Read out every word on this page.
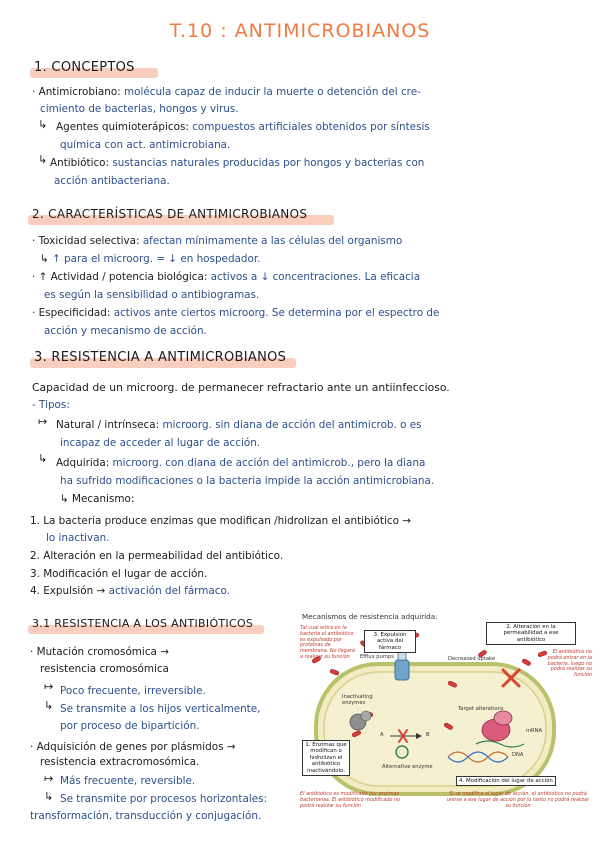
T.10 : ANTIMICROBIANOS
1. CONCEPTOS
· Antimicrobiano: molécula capaz de inducir la muerte o detención del cre-
cimiento de bacterias, hongos y virus.
↳ Agentes quimioterápicos: compuestos artificiales obtenidos por síntesis
química con act. antimicrobiana.
↳ Antibiótico: sustancias naturales producidas por hongos y bacterias con
acción antibacteriana.
2. CARACTERÍSTICAS DE ANTIMICROBIANOS
· Toxicidad selectiva: afectan mínimamente a las células del organismo
↳ ↑ para el microorg. = ↓ en hospedador.
· ↑ Actividad / potencia biológica: activos a ↓ concentraciones. La eficacia
es según la sensibilidad o antibiogramas.
· Especificidad: activos ante ciertos microorg. Se determina por el espectro de
acción y mecanismo de acción.
3. RESISTENCIA A ANTIMICROBIANOS
Capacidad de un microorg. de permanecer refractario ante un antiinfeccioso.
- Tipos:
↦ Natural / intrínseca: microorg. sin diana de acción del antimicrob. o es
incapaz de acceder al lugar de acción.
↳ Adquirida: microorg. con diana de acción del antimicrob., pero la diana
ha sufrido modificaciones o la bacteria impide la acción antimicrobiana.
↳ Mecanismo:
1. La bacteria produce enzimas que modifican /hidrolizan el antibiótico →
lo inactivan.
2. Alteración en la permeabilidad del antibiótico.
3. Modificación el lugar de acción.
4. Expulsión → activación del fármaco.
3.1 RESISTENCIA A LOS ANTIBIÓTICOS
· Mutación cromosómica →
resistencia cromosómica
↦ Poco frecuente, irreversible.
↳ Se transmite a los hijos verticalmente,
por proceso de bipartición.
· Adquisición de genes por plásmidos →
resistencia extracromosómica.
↦ Más frecuente, reversible.
↳ Se transmite por procesos horizontales:
transformación, transducción y conjugación.
Mecanismos de resistencia adquirida:
Tal cual entra en la bacteria el antibiótico es expulsado por proteínas de membrana. No llegará a realizar su función
3. Expulsión activa del fármaco
Efflux pumps
2. Alteración en la permeabilidad a ese antibiótico
El antibiótico no podrá entrar en la bacteria, luego no podrá realizar su función
Decreased uptake
Inactivating enzymes
A	B
Alternative enzyme
Target alterations
mRNA
DNA
1. Enzimas que modifican o hidrolizan el antibiótico inactivándolo.
4. Modificación del lugar de acción
El antibiótico es modificado por enzimas bacterianas. El antibiótico modificado no podrá realizar su función
Si se modifica el lugar de acción, el antibiótico no podrá unirse a ese lugar de acción por lo tanto no podrá realizar su función
